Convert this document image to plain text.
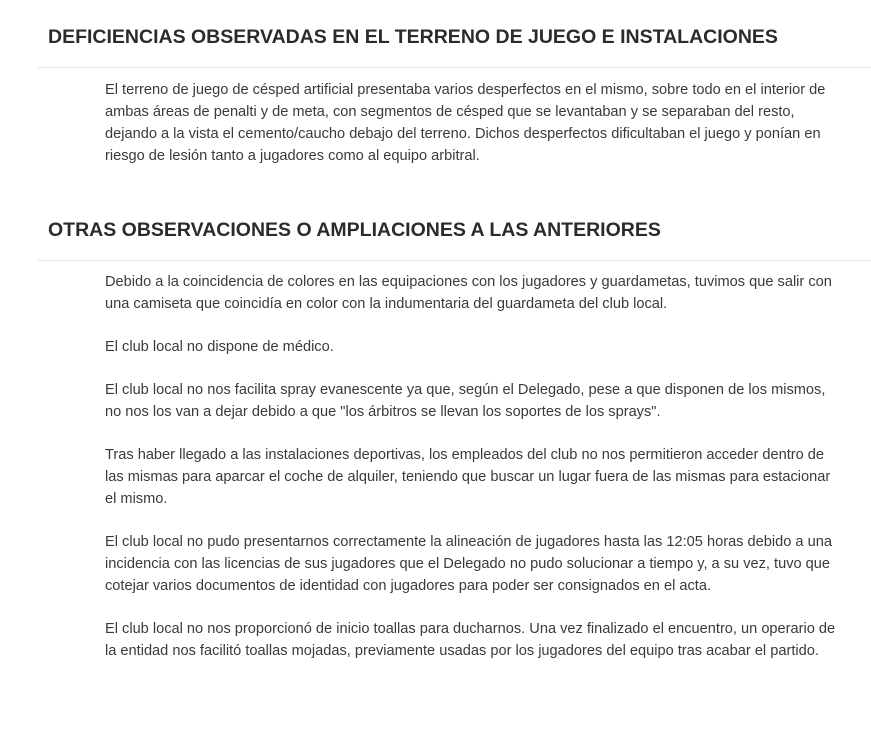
DEFICIENCIAS OBSERVADAS EN EL TERRENO DE JUEGO E INSTALACIONES

El terreno de juego de césped artificial presentaba varios desperfectos en el mismo, sobre todo en el interior de ambas áreas de penalti y de meta, con segmentos de césped que se levantaban y se separaban del resto, dejando a la vista el cemento/caucho debajo del terreno. Dichos desperfectos dificultaban el juego y ponían en riesgo de lesión tanto a jugadores como al equipo arbitral.

OTRAS OBSERVACIONES O AMPLIACIONES A LAS ANTERIORES

Debido a la coincidencia de colores en las equipaciones con los jugadores y guardametas, tuvimos que salir con una camiseta que coincidía en color con la indumentaria del guardameta del club local.

El club local no dispone de médico.

El club local no nos facilita spray evanescente ya que, según el Delegado, pese a que disponen de los mismos, no nos los van a dejar debido a que "los árbitros se llevan los soportes de los sprays".

Tras haber llegado a las instalaciones deportivas, los empleados del club no nos permitieron acceder dentro de las mismas para aparcar el coche de alquiler, teniendo que buscar un lugar fuera de las mismas para estacionar el mismo.

El club local no pudo presentarnos correctamente la alineación de jugadores hasta las 12:05 horas debido a una incidencia con las licencias de sus jugadores que el Delegado no pudo solucionar a tiempo y, a su vez, tuvo que cotejar varios documentos de identidad con jugadores para poder ser consignados en el acta.

El club local no nos proporcionó de inicio toallas para ducharnos. Una vez finalizado el encuentro, un operario de la entidad nos facilitó toallas mojadas, previamente usadas por los jugadores del equipo tras acabar el partido.
